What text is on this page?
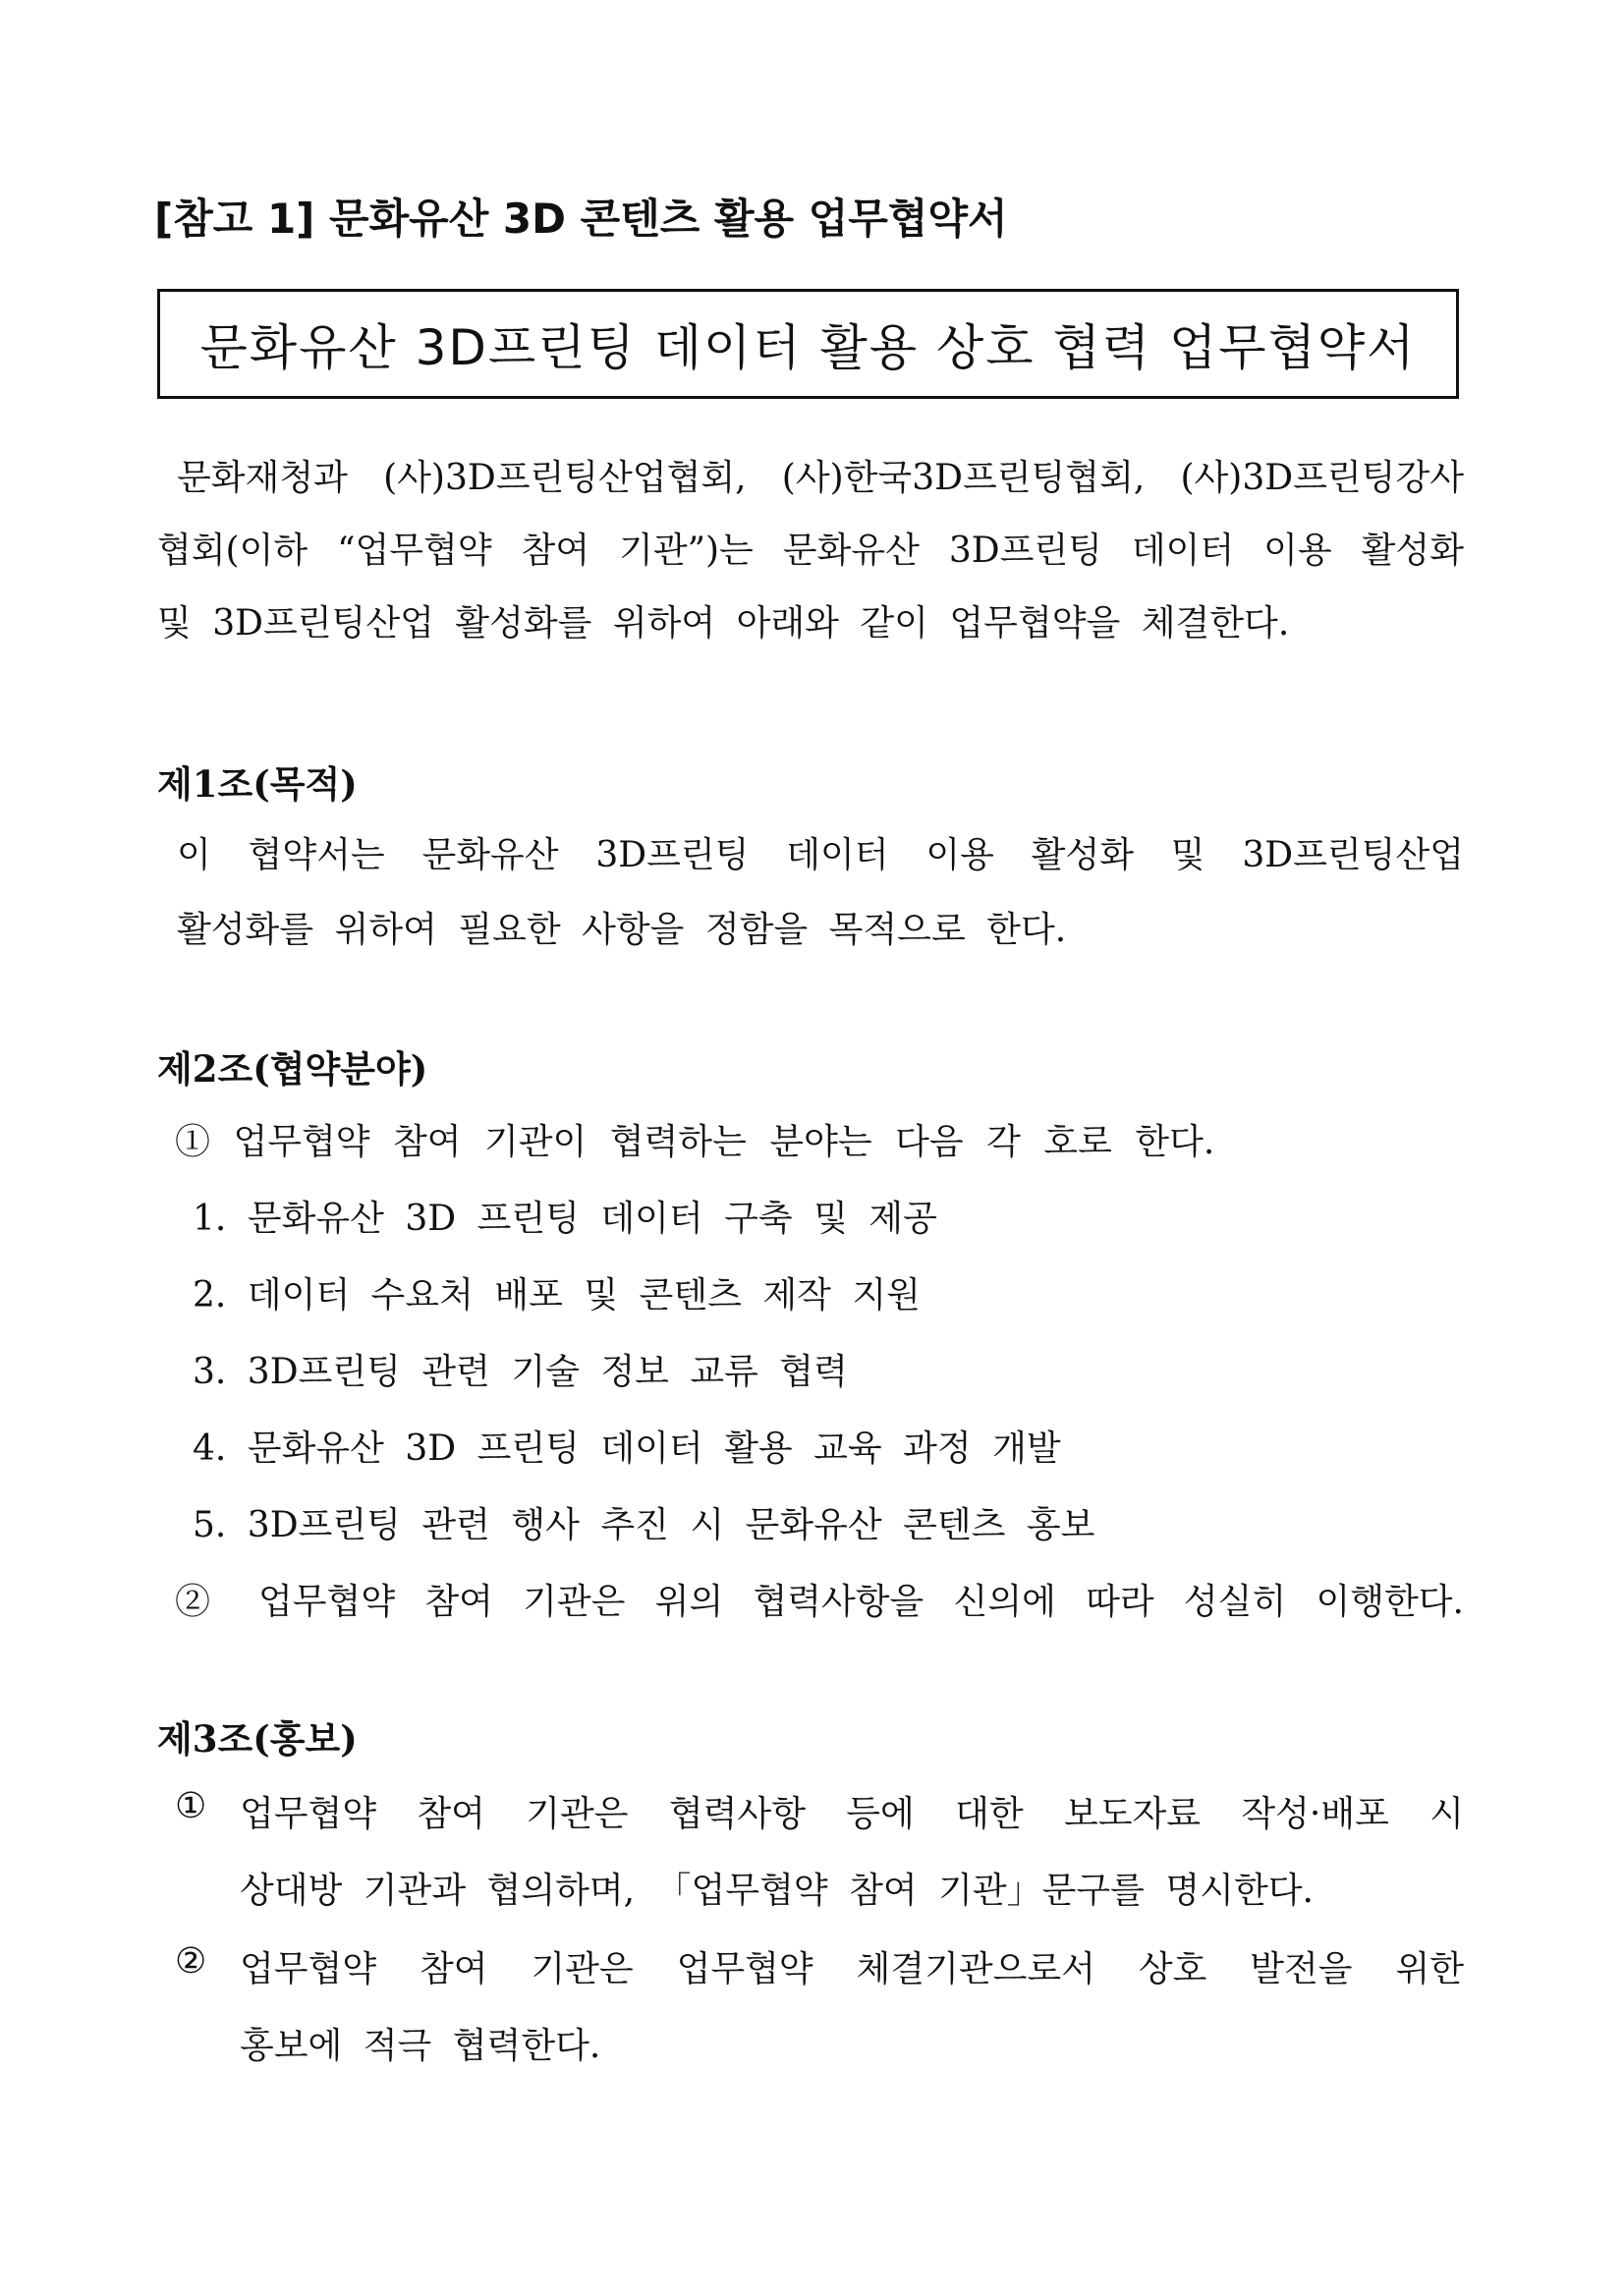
[참고 1] 문화유산 3D 콘텐츠 활용 업무협약서
문화유산 3D프린팅 데이터 활용 상호 협력 업무협약서
문화재청과 (사)3D프린팅산업협회, (사)한국3D프린팅협회, (사)3D프린팅강사
협회(이하 “업무협약 참여 기관”)는 문화유산 3D프린팅 데이터 이용 활성화
및 3D프린팅산업 활성화를 위하여 아래와 같이 업무협약을 체결한다.
제1조(목적)
이 협약서는 문화유산 3D프린팅 데이터 이용 활성화 및 3D프린팅산업
활성화를 위하여 필요한 사항을 정함을 목적으로 한다.
제2조(협약분야)
① 업무협약 참여 기관이 협력하는 분야는 다음 각 호로 한다.
1. 문화유산 3D 프린팅 데이터 구축 및 제공
2. 데이터 수요처 배포 및 콘텐츠 제작 지원
3. 3D프린팅 관련 기술 정보 교류 협력
4. 문화유산 3D 프린팅 데이터 활용 교육 과정 개발
5. 3D프린팅 관련 행사 추진 시 문화유산 콘텐츠 홍보
② 업무협약 참여 기관은 위의 협력사항을 신의에 따라 성실히 이행한다.
제3조(홍보)
① 업무협약 참여 기관은 협력사항 등에 대한 보도자료 작성·배포 시
상대방 기관과 협의하며, 「업무협약 참여 기관」문구를 명시한다.
② 업무협약 참여 기관은 업무협약 체결기관으로서 상호 발전을 위한
홍보에 적극 협력한다.
